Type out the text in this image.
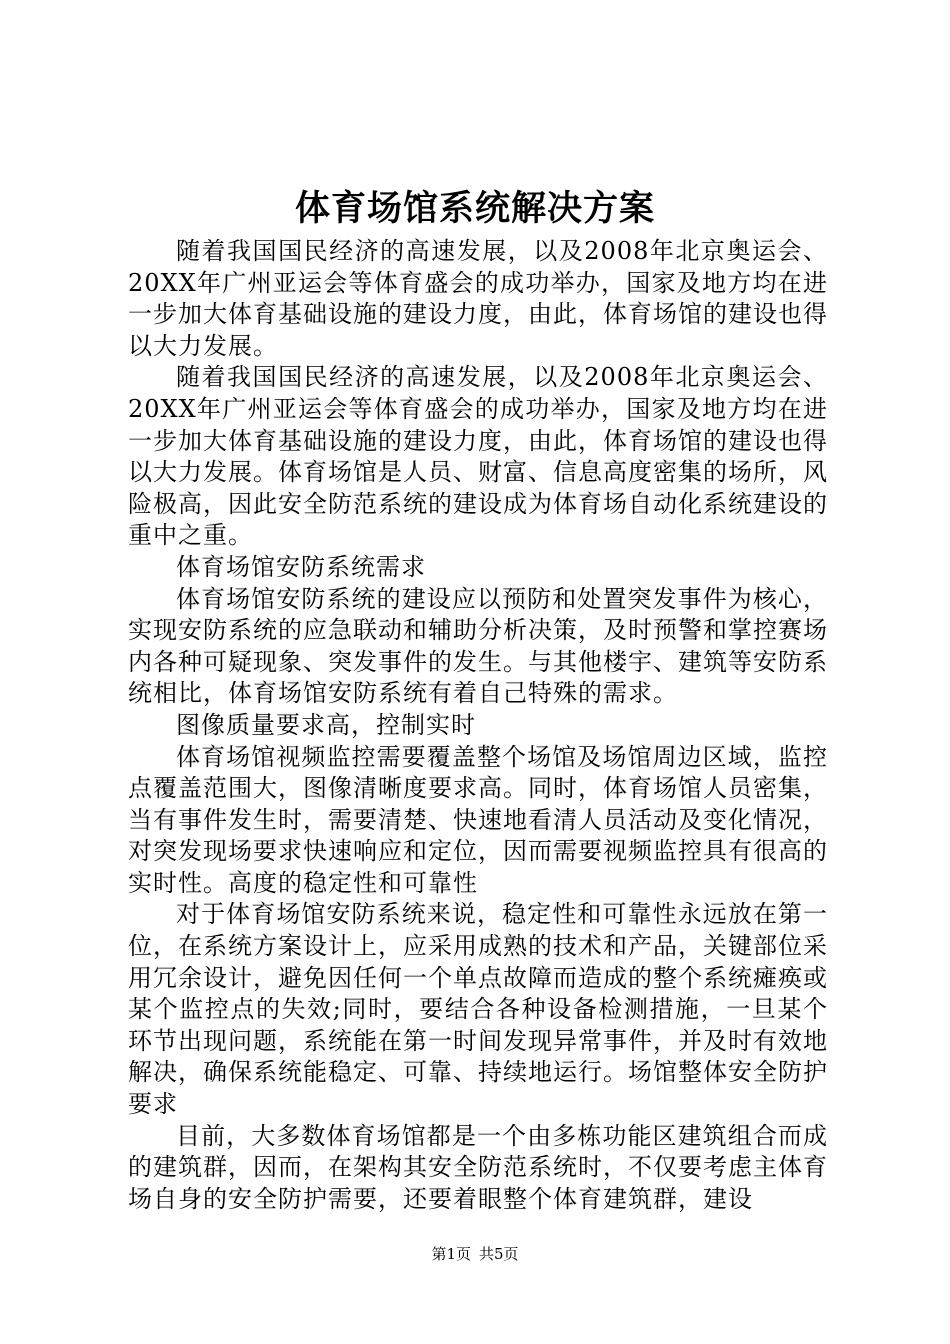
体育场馆系统解决方案

随着我国国民经济的高速发展，以及2008年北京奥运会、20XX年广州亚运会等体育盛会的成功举办，国家及地方均在进一步加大体育基础设施的建设力度，由此，体育场馆的建设也得以大力发展。

随着我国国民经济的高速发展，以及2008年北京奥运会、20XX年广州亚运会等体育盛会的成功举办，国家及地方均在进一步加大体育基础设施的建设力度，由此，体育场馆的建设也得以大力发展。体育场馆是人员、财富、信息高度密集的场所，风险极高，因此安全防范系统的建设成为体育场自动化系统建设的重中之重。

体育场馆安防系统需求

体育场馆安防系统的建设应以预防和处置突发事件为核心，实现安防系统的应急联动和辅助分析决策，及时预警和掌控赛场内各种可疑现象、突发事件的发生。与其他楼宇、建筑等安防系统相比，体育场馆安防系统有着自己特殊的需求。

图像质量要求高，控制实时

体育场馆视频监控需要覆盖整个场馆及场馆周边区域，监控点覆盖范围大，图像清晰度要求高。同时，体育场馆人员密集，当有事件发生时，需要清楚、快速地看清人员活动及变化情况，对突发现场要求快速响应和定位，因而需要视频监控具有很高的实时性。高度的稳定性和可靠性

对于体育场馆安防系统来说，稳定性和可靠性永远放在第一位，在系统方案设计上，应采用成熟的技术和产品，关键部位采用冗余设计，避免因任何一个单点故障而造成的整个系统瘫痪或某个监控点的失效;同时，要结合各种设备检测措施，一旦某个环节出现问题，系统能在第一时间发现异常事件，并及时有效地解决，确保系统能稳定、可靠、持续地运行。场馆整体安全防护要求

目前，大多数体育场馆都是一个由多栋功能区建筑组合而成的建筑群，因而，在架构其安全防范系统时，不仅要考虑主体育场自身的安全防护需要，还要着眼整个体育建筑群，建设

第1页 共5页
